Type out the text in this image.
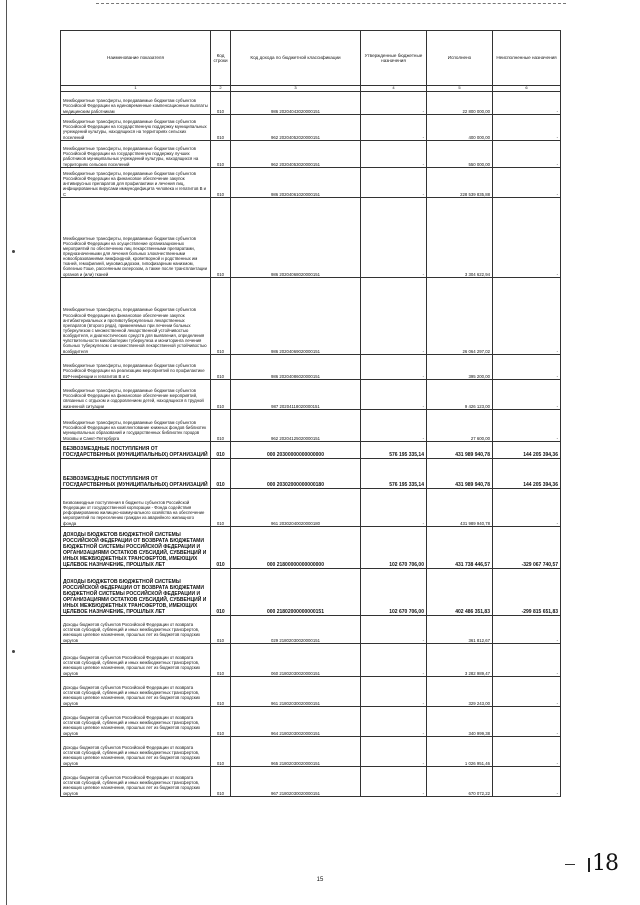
Наименование показателя	Код строки	Код дохода по бюджетной классификации	Утвержденные бюджетные назначения	Исполнено	Неисполненные назначения
1	2	3	4	5	6
Межбюджетные трансферты, передаваемые бюджетам субъектов Российской Федерации на единовременные компенсационные выплаты медицинским работникам	010	986 20204043020000151	-	22 800 000,00	-
Межбюджетные трансферты, передаваемые бюджетам субъектов Российской Федерации на государственную поддержку муниципальных учреждений культуры, находящихся на территориях сельских поселений	010	962 20204052020000151	-	400 000,00	-
Межбюджетные трансферты, передаваемые бюджетам субъектов Российской Федерации на государственную поддержку лучших работников муниципальных учреждений культуры, находящихся на территориях сельских поселений	010	962 20204053020000151	-	550 000,00	-
Межбюджетные трансферты, передаваемые бюджетам субъектов Российской Федерации на финансовое обеспечение закупок антивирусных препаратов для профилактики и лечения лиц, инфицированных вирусами иммунодефицита человека и гепатитов B и C	010	986 20204061020000151	-	228 539 835,88	-
Межбюджетные трансферты, передаваемые бюджетам субъектов Российской Федерации на осуществление организационных мероприятий по обеспечению лиц лекарственными препаратами, предназначенными для лечения больных злокачественными новообразованиями лимфоидной, кроветворной и родственных им тканей, гемофилией, муковисцидозом, гипофизарным нанизмом, болезнью Гоше, рассеянным склерозом, а также после трансплантации органов и (или) тканей	010	986 20204068020000151	-	3 304 622,94	-
Межбюджетные трансферты, передаваемые бюджетам субъектов Российской Федерации на финансовое обеспечение закупок антибактериальных и противотуберкулезных лекарственных препаратов (второго ряда), применяемых при лечении больных туберкулезом с множественной лекарственной устойчивостью возбудителя, и диагностических средств для выявления, определения чувствительности микобактерии туберкулеза и мониторинга лечения больных туберкулезом с множественной лекарственной устойчивостью возбудителя	010	986 20204069020000151	-	26 064 297,02	-
Межбюджетные трансферты, передаваемые бюджетам субъектов Российской Федерации на реализацию мероприятий по профилактике ВИЧ-инфекции и гепатитов B и C	010	986 20204086020000151	-	395 200,00	-
Межбюджетные трансферты, передаваемые бюджетам субъектов Российской Федерации на финансовое обеспечение мероприятий, связанных с отдыхом и оздоровлением детей, находящихся в трудной жизненной ситуации	010	987 20204118020000151	-	9 426 123,00	-
Межбюджетные трансферты, передаваемые бюджетам субъектов Российской Федерации на комплектование книжных фондов библиотек муниципальных образований и государственных библиотек городов Москвы и Санкт-Петербурга	010	962 20204125020000151	-	27 600,00	-
БЕЗВОЗМЕЗДНЫЕ ПОСТУПЛЕНИЯ ОТ ГОСУДАРСТВЕННЫХ (МУНИЦИПАЛЬНЫХ) ОРГАНИЗАЦИЙ	010	000 20300000000000000	576 195 335,14	431 989 940,78	144 205 394,36
БЕЗВОЗМЕЗДНЫЕ ПОСТУПЛЕНИЯ ОТ ГОСУДАРСТВЕННЫХ (МУНИЦИПАЛЬНЫХ) ОРГАНИЗАЦИЙ	010	000 20302000000000180	576 195 335,14	431 989 940,78	144 205 394,36
Безвозмездные поступления в бюджеты субъектов Российской Федерации от государственной корпорации - Фонда содействия реформированию жилищно-коммунального хозяйства на обеспечение мероприятий по переселению граждан из аварийного жилищного фонда	010	961 20302040020000180	-	431 989 940,78	-
ДОХОДЫ БЮДЖЕТОВ БЮДЖЕТНОЙ СИСТЕМЫ РОССИЙСКОЙ ФЕДЕРАЦИИ ОТ ВОЗВРАТА БЮДЖЕТАМИ БЮДЖЕТНОЙ СИСТЕМЫ РОССИЙСКОЙ ФЕДЕРАЦИИ И ОРГАНИЗАЦИЯМИ ОСТАТКОВ СУБСИДИЙ, СУБВЕНЦИЙ И ИНЫХ МЕЖБЮДЖЕТНЫХ ТРАНСФЕРТОВ, ИМЕЮЩИХ ЦЕЛЕВОЕ НАЗНАЧЕНИЕ, ПРОШЛЫХ ЛЕТ	010	000 21800000000000000	102 670 706,00	431 738 446,57	-329 067 740,57
ДОХОДЫ БЮДЖЕТОВ БЮДЖЕТНОЙ СИСТЕМЫ РОССИЙСКОЙ ФЕДЕРАЦИИ ОТ ВОЗВРАТА БЮДЖЕТАМИ БЮДЖЕТНОЙ СИСТЕМЫ РОССИЙСКОЙ ФЕДЕРАЦИИ И ОРГАНИЗАЦИЯМИ ОСТАТКОВ СУБСИДИЙ, СУБВЕНЦИЙ И ИНЫХ МЕЖБЮДЖЕТНЫХ ТРАНСФЕРТОВ, ИМЕЮЩИХ ЦЕЛЕВОЕ НАЗНАЧЕНИЕ, ПРОШЛЫХ ЛЕТ	010	000 21802000000000151	102 670 706,00	402 486 351,83	-299 815 651,83
Доходы бюджетов субъектов Российской Федерации от возврата остатков субсидий, субвенций и иных межбюджетных трансфертов, имеющих целевое назначение, прошлых лет из бюджетов городских округов	010	029 21802030020000151	-	361 812,67	-
Доходы бюджетов субъектов Российской Федерации от возврата остатков субсидий, субвенций и иных межбюджетных трансфертов, имеющих целевое назначение, прошлых лет из бюджетов городских округов	010	060 21802030020000151	-	3 282 989,47	-
Доходы бюджетов субъектов Российской Федерации от возврата остатков субсидий, субвенций и иных межбюджетных трансфертов, имеющих целевое назначение, прошлых лет из бюджетов городских округов	010	961 21802030020000151	-	329 243,00	-
Доходы бюджетов субъектов Российской Федерации от возврата остатков субсидий, субвенций и иных межбюджетных трансфертов, имеющих целевое назначение, прошлых лет из бюджетов городских округов	010	964 21802030020000151	-	340 999,38	-
Доходы бюджетов субъектов Российской Федерации от возврата остатков субсидий, субвенций и иных межбюджетных трансфертов, имеющих целевое назначение, прошлых лет из бюджетов городских округов	010	965 21802030020000151	-	1 026 951,46	-
Доходы бюджетов субъектов Российской Федерации от возврата остатков субсидий, субвенций и иных межбюджетных трансфертов, имеющих целевое назначение, прошлых лет из бюджетов городских округов	010	967 21802030020000151	-	670 072,22	-
15
18
